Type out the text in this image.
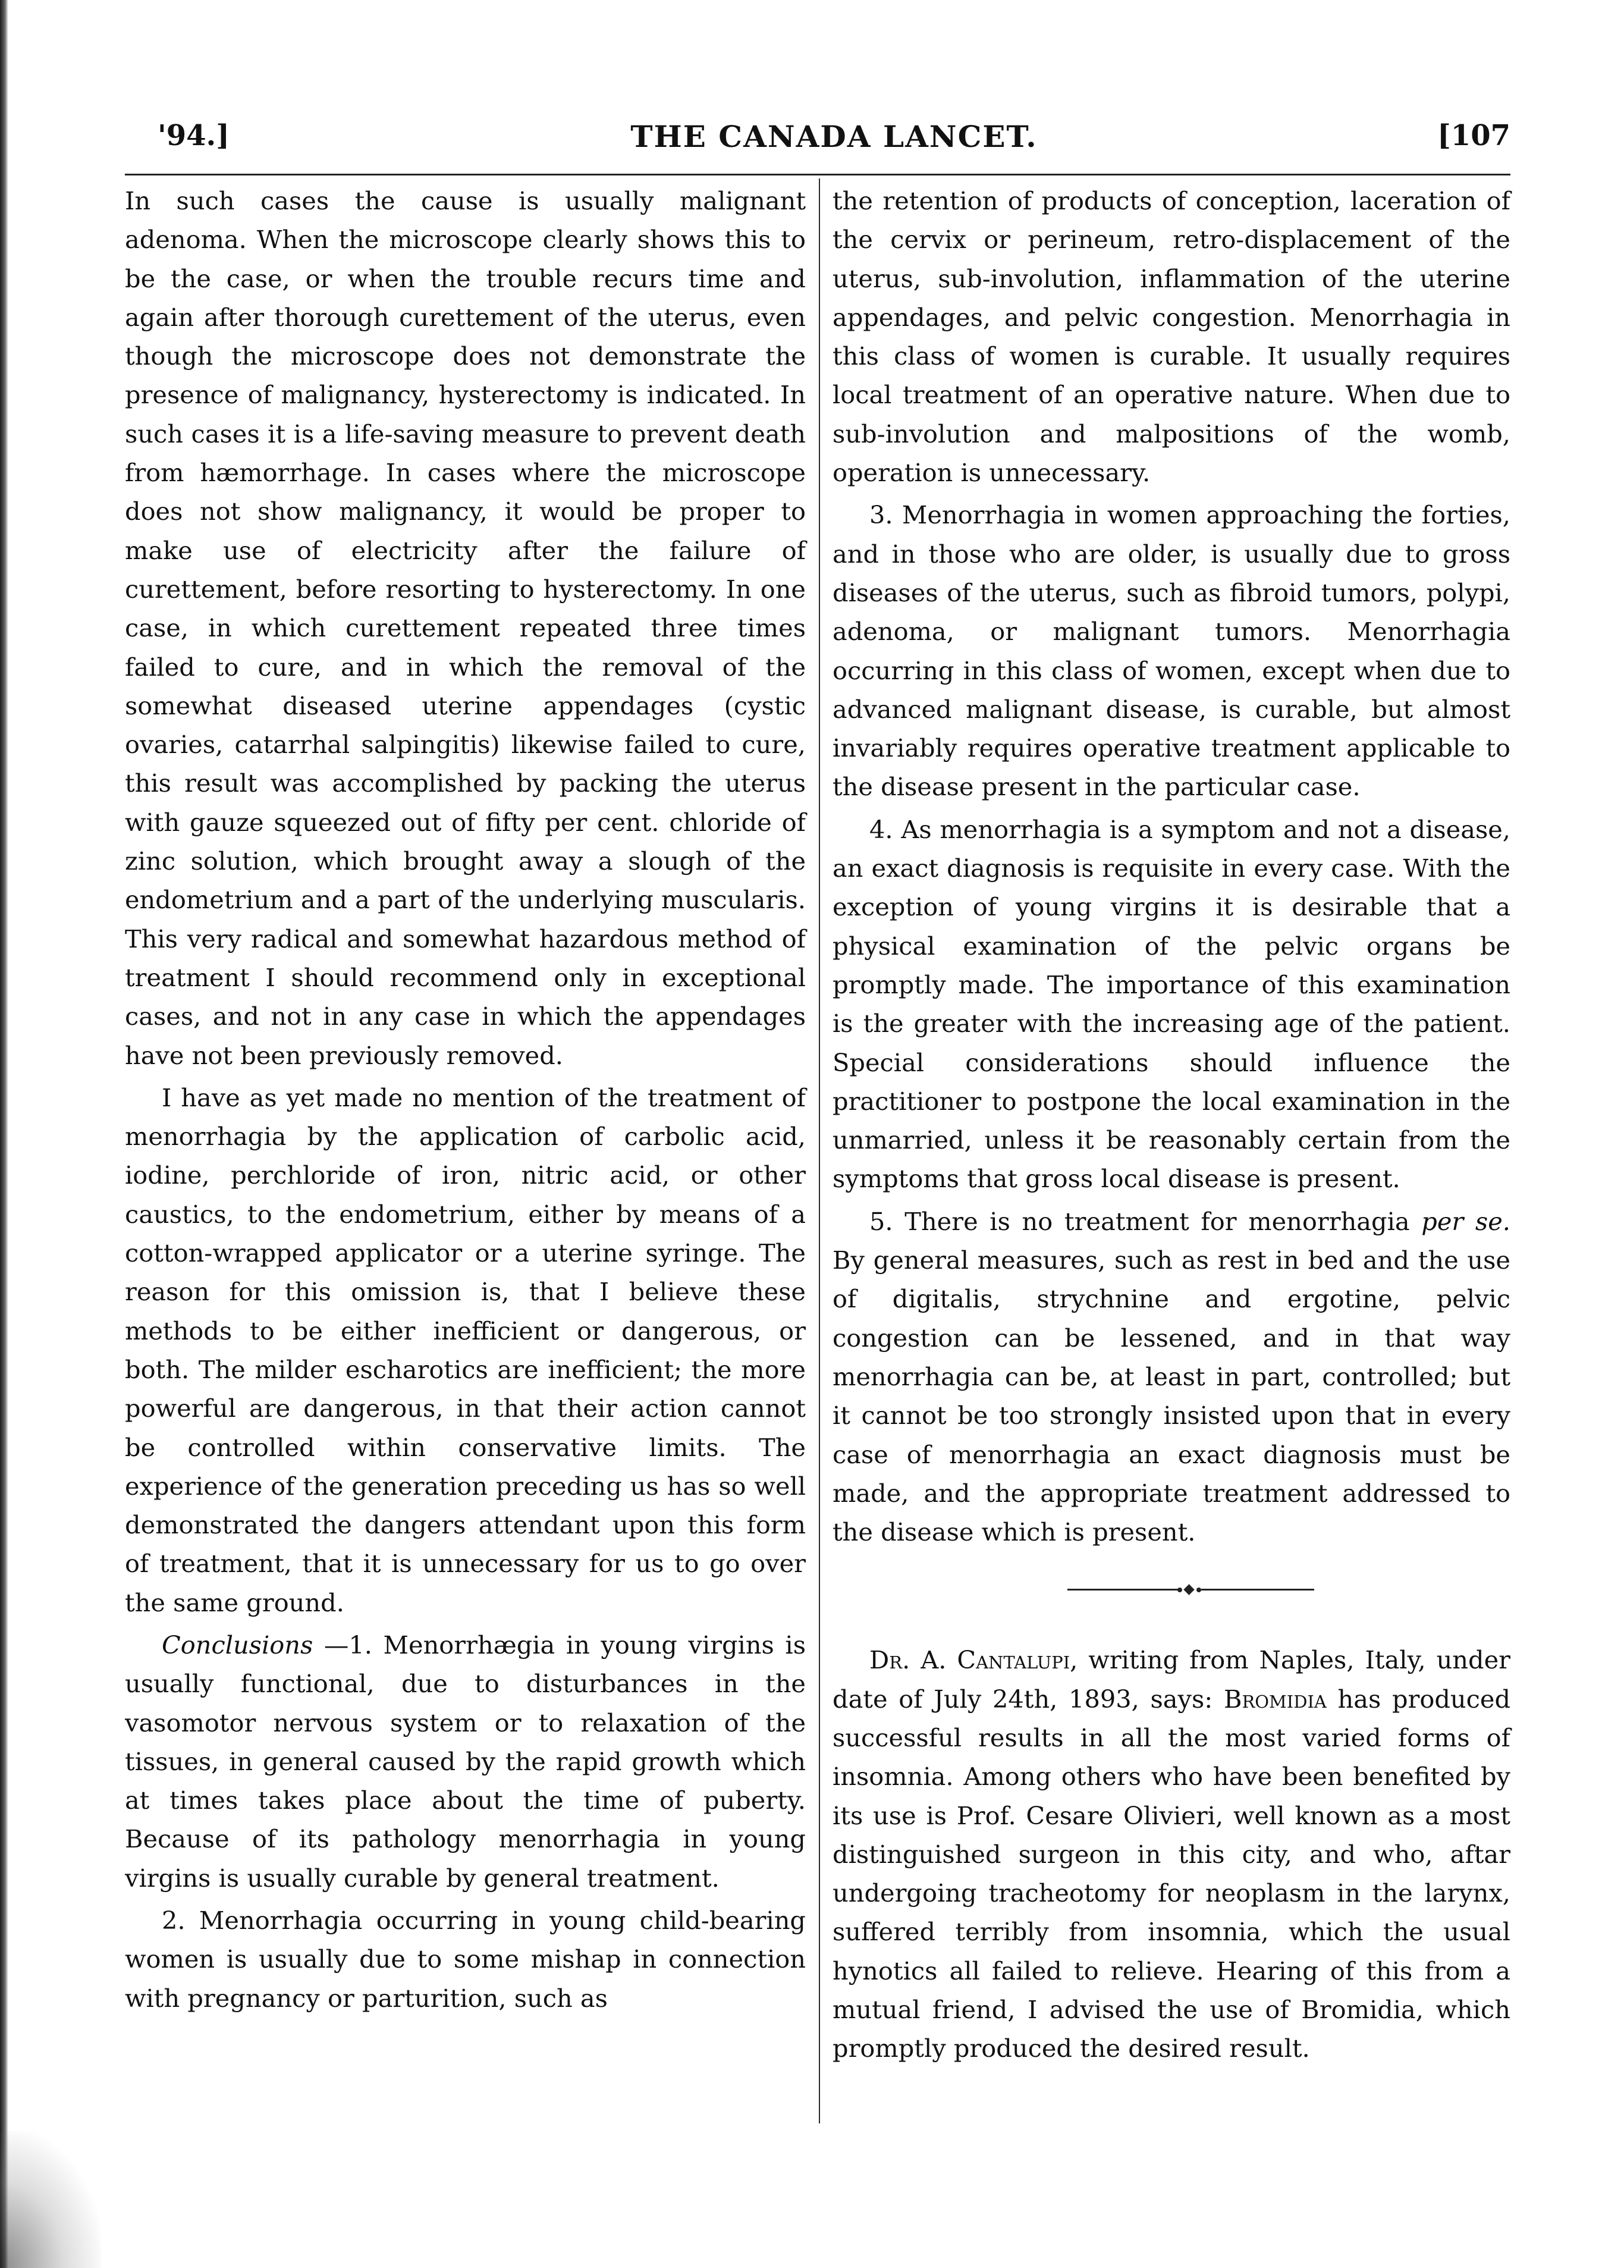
'94.]	THE CANADA LANCET.	[107

In such cases the cause is usually malignant adenoma. When the microscope clearly shows this to be the case, or when the trouble recurs time and again after thorough curettement of the uterus, even though the microscope does not demonstrate the presence of malignancy, hysterectomy is indicated. In such cases it is a life-saving measure to prevent death from hæmorrhage. In cases where the microscope does not show malignancy, it would be proper to make use of electricity after the failure of curettement, before resorting to hysterectomy. In one case, in which curettement repeated three times failed to cure, and in which the removal of the somewhat diseased uterine appendages (cystic ovaries, catarrhal salpingitis) likewise failed to cure, this result was accomplished by packing the uterus with gauze squeezed out of fifty per cent. chloride of zinc solution, which brought away a slough of the endometrium and a part of the underlying muscularis. This very radical and somewhat hazardous method of treatment I should recommend only in exceptional cases, and not in any case in which the appendages have not been previously removed.

I have as yet made no mention of the treatment of menorrhagia by the application of carbolic acid, iodine, perchloride of iron, nitric acid, or other caustics, to the endometrium, either by means of a cotton-wrapped applicator or a uterine syringe. The reason for this omission is, that I believe these methods to be either inefficient or dangerous, or both. The milder escharotics are inefficient; the more powerful are dangerous, in that their action cannot be controlled within conservative limits. The experience of the generation preceding us has so well demonstrated the dangers attendant upon this form of treatment, that it is unnecessary for us to go over the same ground.

Conclusions —1. Menorrhægia in young virgins is usually functional, due to disturbances in the vasomotor nervous system or to relaxation of the tissues, in general caused by the rapid growth which at times takes place about the time of puberty. Because of its pathology menorrhagia in young virgins is usually curable by general treatment.

2. Menorrhagia occurring in young child-bearing women is usually due to some mishap in connection with pregnancy or parturition, such as

the retention of products of conception, laceration of the cervix or perineum, retro-displacement of the uterus, sub-involution, inflammation of the uterine appendages, and pelvic congestion. Menorrhagia in this class of women is curable. It usually requires local treatment of an operative nature. When due to sub-involution and malpositions of the womb, operation is unnecessary.

3. Menorrhagia in women approaching the forties, and in those who are older, is usually due to gross diseases of the uterus, such as fibroid tumors, polypi, adenoma, or malignant tumors. Menorrhagia occurring in this class of women, except when due to advanced malignant disease, is curable, but almost invariably requires operative treatment applicable to the disease present in the particular case.

4. As menorrhagia is a symptom and not a disease, an exact diagnosis is requisite in every case. With the exception of young virgins it is desirable that a physical examination of the pelvic organs be promptly made. The importance of this examination is the greater with the increasing age of the patient. Special considerations should influence the practitioner to postpone the local examination in the unmarried, unless it be reasonably certain from the symptoms that gross local disease is present.

5. There is no treatment for menorrhagia per se. By general measures, such as rest in bed and the use of digitalis, strychnine and ergotine, pelvic congestion can be lessened, and in that way menorrhagia can be, at least in part, controlled; but it cannot be too strongly insisted upon that in every case of menorrhagia an exact diagnosis must be made, and the appropriate treatment addressed to the disease which is present.

Dr. A. Cantalupi, writing from Naples, Italy, under date of July 24th, 1893, says: Bromidia has produced successful results in all the most varied forms of insomnia. Among others who have been benefited by its use is Prof. Cesare Olivieri, well known as a most distinguished surgeon in this city, and who, aftar undergoing tracheotomy for neoplasm in the larynx, suffered terribly from insomnia, which the usual hynotics all failed to relieve. Hearing of this from a mutual friend, I advised the use of Bromidia, which promptly produced the desired result.
